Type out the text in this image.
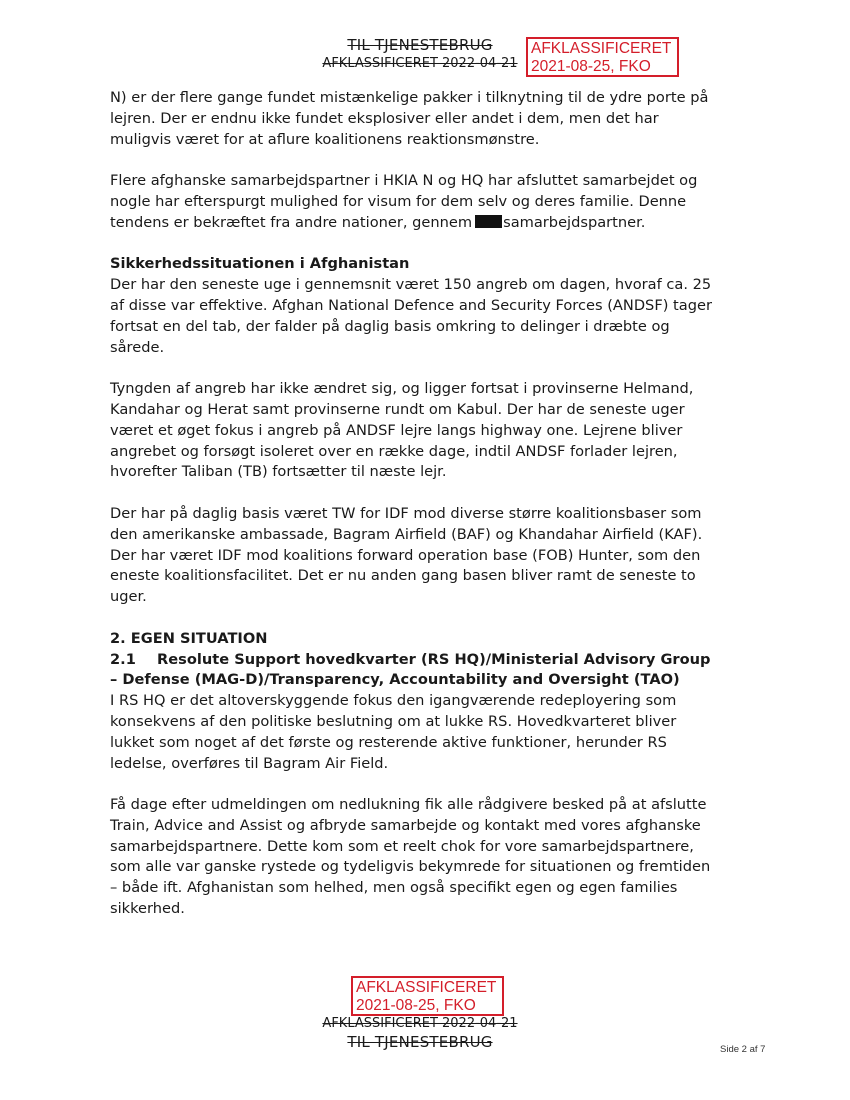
TIL TJENESTEBRUG
AFKLASSIFICERET 2022-04-21
AFKLASSIFICERET
2021-08-25, FKO

N) er der flere gange fundet mistænkelige pakker i tilknytning til de ydre porte på lejren. Der er endnu ikke fundet eksplosiver eller andet i dem, men det har muligvis været for at aflure koalitionens reaktionsmønstre.

Flere afghanske samarbejdspartner i HKIA N og HQ har afsluttet samarbejdet og nogle har efterspurgt mulighed for visum for dem selv og deres familie. Denne tendens er bekræftet fra andre nationer, gennem samarbejdspartner.

Sikkerhedssituationen i Afghanistan

Der har den seneste uge i gennemsnit været 150 angreb om dagen, hvoraf ca. 25 af disse var effektive. Afghan National Defence and Security Forces (ANDSF) tager fortsat en del tab, der falder på daglig basis omkring to delinger i dræbte og sårede.

Tyngden af angreb har ikke ændret sig, og ligger fortsat i provinserne Helmand, Kandahar og Herat samt provinserne rundt om Kabul. Der har de seneste uger været et øget fokus i angreb på ANDSF lejre langs highway one. Lejrene bliver angrebet og forsøgt isoleret over en række dage, indtil ANDSF forlader lejren, hvorefter Taliban (TB) fortsætter til næste lejr.

Der har på daglig basis været TW for IDF mod diverse større koalitionsbaser som den amerikanske ambassade, Bagram Airfield (BAF) og Khandahar Airfield (KAF). Der har været IDF mod koalitions forward operation base (FOB) Hunter, som den eneste koalitionsfacilitet. Det er nu anden gang basen bliver ramt de seneste to uger.

2. EGEN SITUATION
2.1 Resolute Support hovedkvarter (RS HQ)/Ministerial Advisory Group – Defense (MAG-D)/Transparency, Accountability and Oversight (TAO)

I RS HQ er det altoverskyggende fokus den igangværende redeployering som konsekvens af den politiske beslutning om at lukke RS. Hovedkvarteret bliver lukket som noget af det første og resterende aktive funktioner, herunder RS ledelse, overføres til Bagram Air Field.

Få dage efter udmeldingen om nedlukning fik alle rådgivere besked på at afslutte Train, Advice and Assist og afbryde samarbejde og kontakt med vores afghanske samarbejdspartnere. Dette kom som et reelt chok for vore samarbejdspartnere, som alle var ganske rystede og tydeligvis bekymrede for situationen og fremtiden – både ift. Afghanistan som helhed, men også specifikt egen og egen families sikkerhed.

AFKLASSIFICERET
2021-08-25, FKO
AFKLASSIFICERET 2022-04-21
TIL TJENESTEBRUG	Side 2 af 7
